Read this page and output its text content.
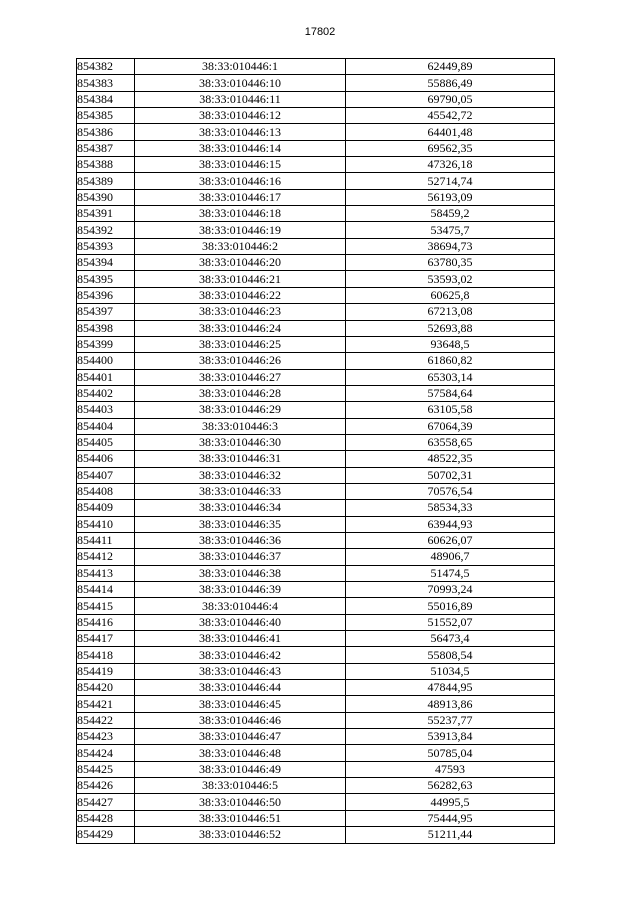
17802
854382	38:33:010446:1	62449,89
854383	38:33:010446:10	55886,49
854384	38:33:010446:11	69790,05
854385	38:33:010446:12	45542,72
854386	38:33:010446:13	64401,48
854387	38:33:010446:14	69562,35
854388	38:33:010446:15	47326,18
854389	38:33:010446:16	52714,74
854390	38:33:010446:17	56193,09
854391	38:33:010446:18	58459,2
854392	38:33:010446:19	53475,7
854393	38:33:010446:2	38694,73
854394	38:33:010446:20	63780,35
854395	38:33:010446:21	53593,02
854396	38:33:010446:22	60625,8
854397	38:33:010446:23	67213,08
854398	38:33:010446:24	52693,88
854399	38:33:010446:25	93648,5
854400	38:33:010446:26	61860,82
854401	38:33:010446:27	65303,14
854402	38:33:010446:28	57584,64
854403	38:33:010446:29	63105,58
854404	38:33:010446:3	67064,39
854405	38:33:010446:30	63558,65
854406	38:33:010446:31	48522,35
854407	38:33:010446:32	50702,31
854408	38:33:010446:33	70576,54
854409	38:33:010446:34	58534,33
854410	38:33:010446:35	63944,93
854411	38:33:010446:36	60626,07
854412	38:33:010446:37	48906,7
854413	38:33:010446:38	51474,5
854414	38:33:010446:39	70993,24
854415	38:33:010446:4	55016,89
854416	38:33:010446:40	51552,07
854417	38:33:010446:41	56473,4
854418	38:33:010446:42	55808,54
854419	38:33:010446:43	51034,5
854420	38:33:010446:44	47844,95
854421	38:33:010446:45	48913,86
854422	38:33:010446:46	55237,77
854423	38:33:010446:47	53913,84
854424	38:33:010446:48	50785,04
854425	38:33:010446:49	47593
854426	38:33:010446:5	56282,63
854427	38:33:010446:50	44995,5
854428	38:33:010446:51	75444,95
854429	38:33:010446:52	51211,44
